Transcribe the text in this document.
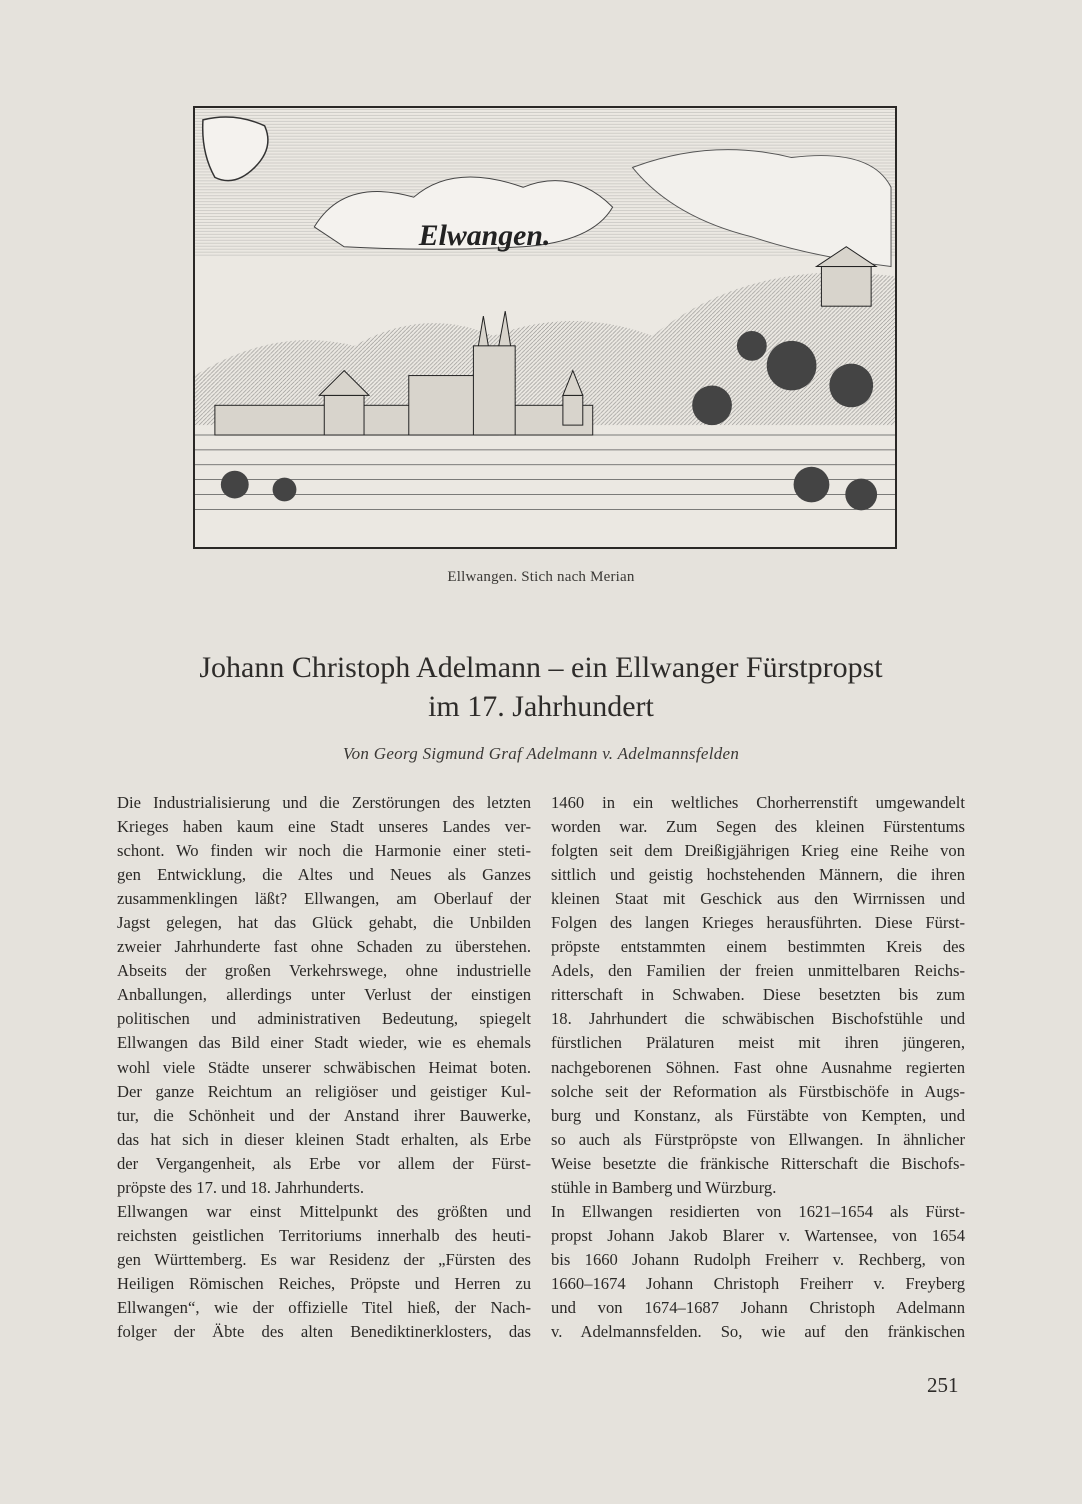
Elwangen.
Ellwangen. Stich nach Merian
Johann Christoph Adelmann – ein Ellwanger Fürstpropst
im 17. Jahrhundert
Von Georg Sigmund Graf Adelmann v. Adelmannsfelden
Die Industrialisierung und die Zerstörungen des letzten
Krieges haben kaum eine Stadt unseres Landes ver-
schont. Wo finden wir noch die Harmonie einer steti-
gen Entwicklung, die Altes und Neues als Ganzes
zusammenklingen läßt? Ellwangen, am Oberlauf der
Jagst gelegen, hat das Glück gehabt, die Unbilden
zweier Jahrhunderte fast ohne Schaden zu überstehen.
Abseits der großen Verkehrswege, ohne industrielle
Anballungen, allerdings unter Verlust der einstigen
politischen und administrativen Bedeutung, spiegelt
Ellwangen das Bild einer Stadt wieder, wie es ehemals
wohl viele Städte unserer schwäbischen Heimat boten.
Der ganze Reichtum an religiöser und geistiger Kul-
tur, die Schönheit und der Anstand ihrer Bauwerke,
das hat sich in dieser kleinen Stadt erhalten, als Erbe
der Vergangenheit, als Erbe vor allem der Fürst-
pröpste des 17. und 18. Jahrhunderts.
Ellwangen war einst Mittelpunkt des größten und
reichsten geistlichen Territoriums innerhalb des heuti-
gen Württemberg. Es war Residenz der „Fürsten des
Heiligen Römischen Reiches, Pröpste und Herren zu
Ellwangen“, wie der offizielle Titel hieß, der Nach-
folger der Äbte des alten Benediktinerklosters, das
1460 in ein weltliches Chorherrenstift umgewandelt
worden war. Zum Segen des kleinen Fürstentums
folgten seit dem Dreißigjährigen Krieg eine Reihe von
sittlich und geistig hochstehenden Männern, die ihren
kleinen Staat mit Geschick aus den Wirrnissen und
Folgen des langen Krieges herausführten. Diese Fürst-
pröpste entstammten einem bestimmten Kreis des
Adels, den Familien der freien unmittelbaren Reichs-
ritterschaft in Schwaben. Diese besetzten bis zum
18. Jahrhundert die schwäbischen Bischofstühle und
fürstlichen Prälaturen meist mit ihren jüngeren,
nachgeborenen Söhnen. Fast ohne Ausnahme regierten
solche seit der Reformation als Fürstbischöfe in Augs-
burg und Konstanz, als Fürstäbte von Kempten, und
so auch als Fürstpröpste von Ellwangen. In ähnlicher
Weise besetzte die fränkische Ritterschaft die Bischofs-
stühle in Bamberg und Würzburg.
In Ellwangen residierten von 1621–1654 als Fürst-
propst Johann Jakob Blarer v. Wartensee, von 1654
bis 1660 Johann Rudolph Freiherr v. Rechberg, von
1660–1674 Johann Christoph Freiherr v. Freyberg
und von 1674–1687 Johann Christoph Adelmann
v. Adelmannsfelden. So, wie auf den fränkischen
251
